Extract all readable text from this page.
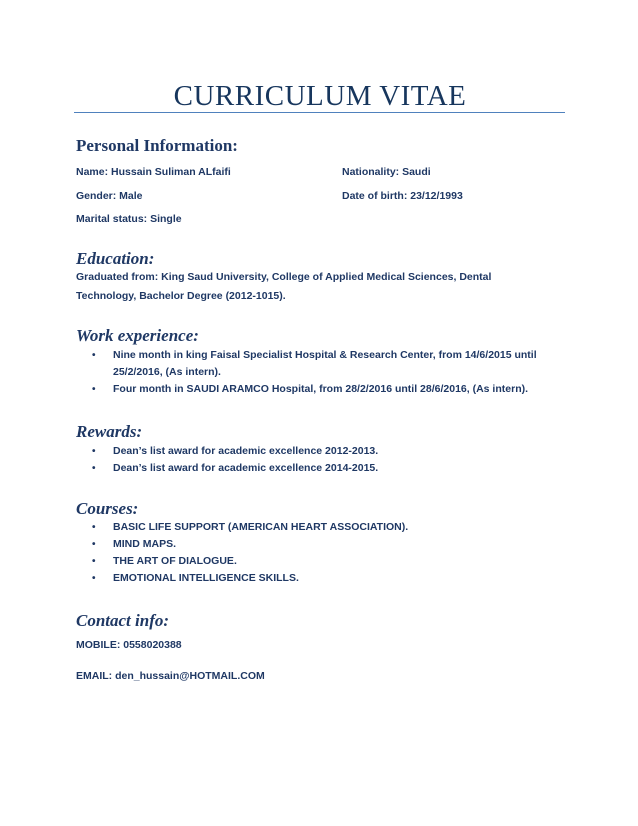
CURRICULUM VITAE
Personal Information:
Name: Hussain Suliman ALfaifi	Nationality: Saudi
Gender: Male	Date of birth: 23/12/1993
Marital status: Single
Education:
Graduated from: King Saud University, College of Applied Medical Sciences, Dental Technology, Bachelor Degree (2012-1015).
Work experience:
• Nine month in king Faisal Specialist Hospital & Research Center, from 14/6/2015 until 25/2/2016, (As intern).
• Four month in SAUDI ARAMCO Hospital, from 28/2/2016 until 28/6/2016, (As intern).
Rewards:
• Dean’s list award for academic excellence 2012-2013.
• Dean’s list award for academic excellence 2014-2015.
Courses:
• BASIC LIFE SUPPORT (AMERICAN HEART ASSOCIATION).
• MIND MAPS.
• THE ART OF DIALOGUE.
• EMOTIONAL INTELLIGENCE SKILLS.
Contact info:
MOBILE: 0558020388
EMAIL: den_hussain@HOTMAIL.COM
